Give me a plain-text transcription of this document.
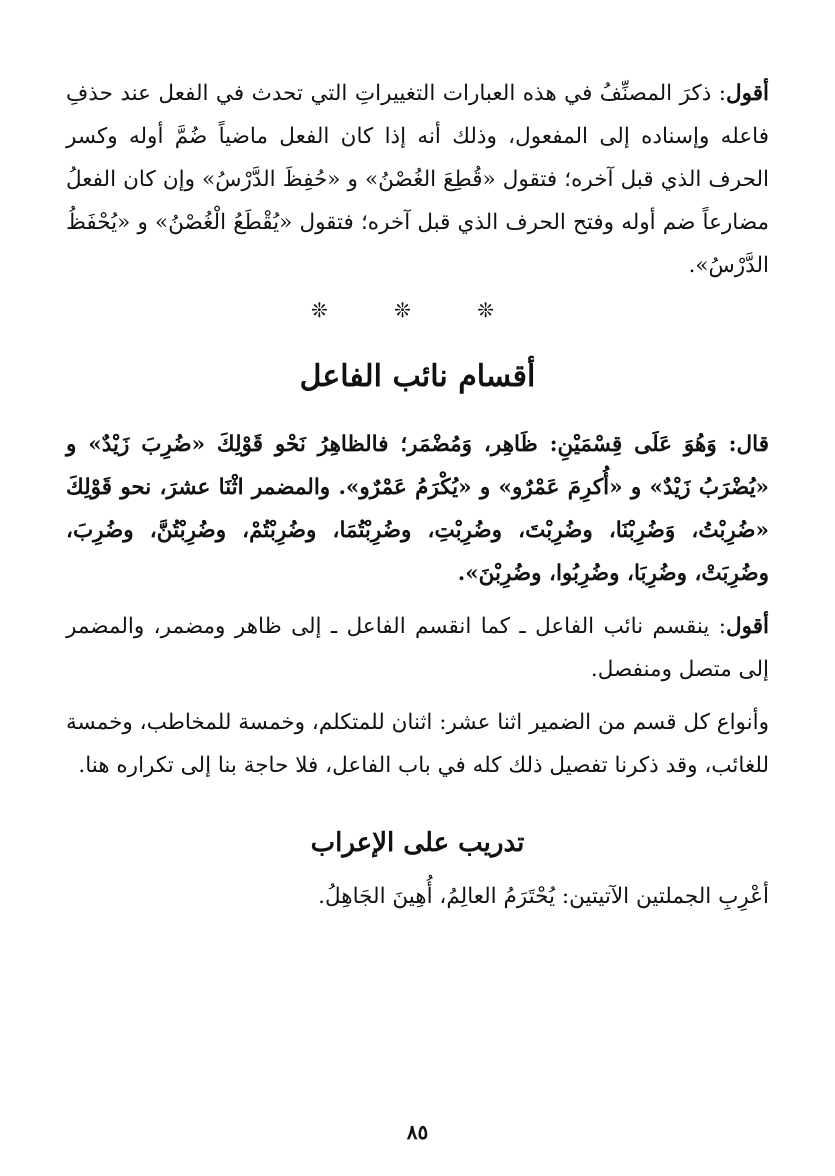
أقول: ذكرَ المصنِّفُ في هذه العبارات التغييراتِ التي تحدث في الفعل عند حذفِ فاعله وإسناده إلى المفعول، وذلك أنه إذا كان الفعل ماضياً ضُمَّ أوله وكسر الحرف الذي قبل آخره؛ فتقول «قُطِعَ الغُصْنُ» و «حُفِظَ الدَّرْسُ» وإن كان الفعلُ مضارعاً ضم أوله وفتح الحرف الذي قبل آخره؛ فتقول «يُقْطَعُ الْغُصْنُ» و «يُحْفَظُ الدَّرْسُ».

❊ ❊ ❊
أقسام نائب الفاعل

قال: وَهُوَ عَلَى قِسْمَيْنِ: ظَاهِر، وَمُضْمَر؛ فالظاهِرُ نَحْو قَوْلِكَ «ضُرِبَ زَيْدٌ» و «يُضْرَبُ زَيْدٌ» و «أُكرِمَ عَمْرٌو» و «يُكْرَمُ عَمْرٌو». والمضمر اثْنَا عشرَ، نحو قَوْلِكَ «ضُرِبْتُ، وَضُرِبْنَا، وضُرِبْتَ، وضُرِبْتِ، وضُرِبْتُمَا، وضُرِبْتُمْ، وضُرِبْتُنَّ، وضُرِبَ، وضُرِبَتْ، وضُرِبَا، وضُرِبُوا، وضُرِبْنَ».

أقول: ينقسم نائب الفاعل ـ كما انقسم الفاعل ـ إلى ظاهر ومضمر، والمضمر إلى متصل ومنفصل.

وأنواع كل قسم من الضمير اثنا عشر: اثنان للمتكلم، وخمسة للمخاطب، وخمسة للغائب، وقد ذكرنا تفصيل ذلك كله في باب الفاعل، فلا حاجة بنا إلى تكراره هنا.

تدريب على الإعراب

أعْرِبِ الجملتين الآتيتين: يُحْتَرَمُ العالِمُ، أُهِينَ الجَاهِلُ.

٨٥
